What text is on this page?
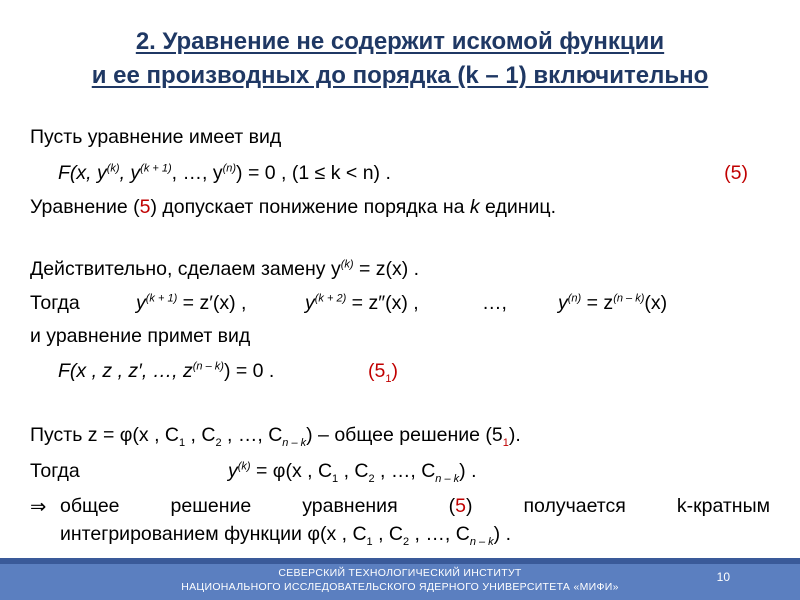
2. Уравнение не содержит искомой функции
и ее производных до порядка (k – 1) включительно
Пусть уравнение имеет вид
F(x, $y^{(k)}$, $y^{(k + 1)}$, …, $y^{(n)}) = 0$ , (1 ≤ k < n) .	(5)
Уравнение (5) допускает понижение порядка на k единиц.
Действительно, сделаем замену $y^{(k)} = z(x)$ .
Тогда	$y^{(k + 1)} = z'(x)$ ,	$y^{(k + 2)} = z''(x)$ ,	…,	$y^{(n)} = z^{(n - k)}(x)$
и уравнение примет вид
F(x , z , z′, …, $z^{(n - k)}) = 0$ .	$(5_1)$
Пусть z = φ(x , $C_1$ , $C_2$ , …, $C_{n - k}$) – общее решение $(5_1)$.
Тогда	$y^{(k)} = \varphi(x$ , $C_1$ , $C_2$ , …, $C_{n - k}$) .
⇒ общее решение уравнения (5) получается k-кратным
интегрированием функции φ(x , $C_1$ , $C_2$ , …, $C_{n - k}$) .
СЕВЕРСКИЙ ТЕХНОЛОГИЧЕСКИЙ ИНСТИТУТ
НАЦИОНАЛЬНОГО ИССЛЕДОВАТЕЛЬСКОГО ЯДЕРНОГО УНИВЕРСИТЕТА «МИФИ»
10
